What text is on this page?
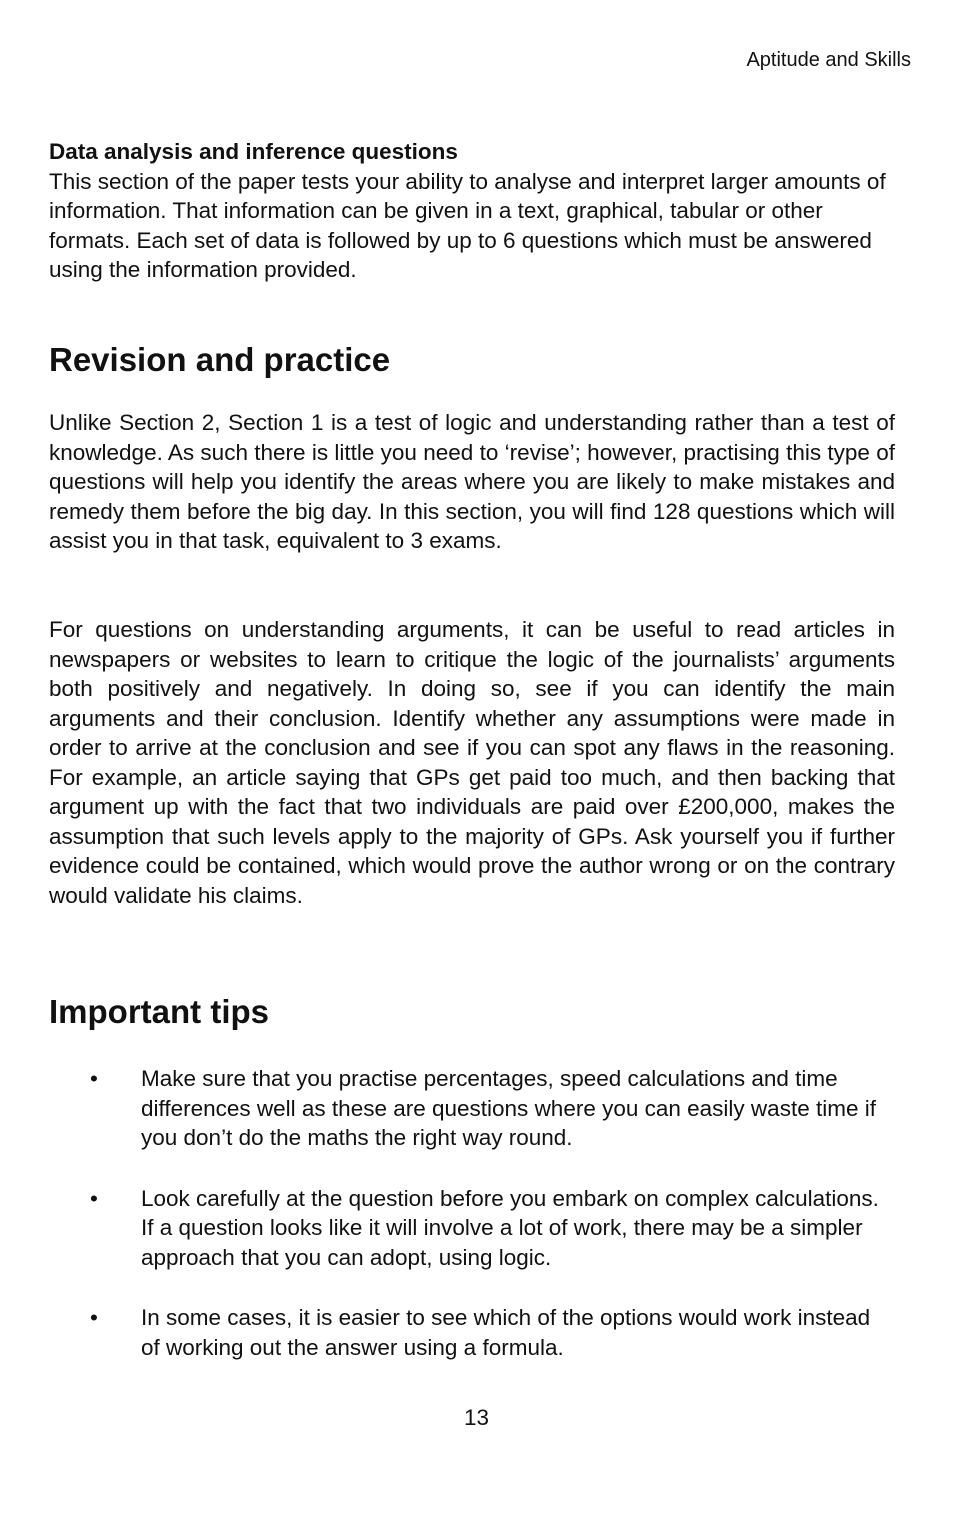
Aptitude and Skills

Data analysis and inference questions

This section of the paper tests your ability to analyse and interpret larger amounts of information. That information can be given in a text, graphical, tabular or other formats. Each set of data is followed by up to 6 questions which must be answered using the information provided.

Revision and practice

Unlike Section 2, Section 1 is a test of logic and understanding rather than a test of knowledge. As such there is little you need to ‘revise’; however, practising this type of questions will help you identify the areas where you are likely to make mistakes and remedy them before the big day. In this section, you will find 128 questions which will assist you in that task, equivalent to 3 exams.

For questions on understanding arguments, it can be useful to read articles in newspapers or websites to learn to critique the logic of the journalists’ arguments both positively and negatively. In doing so, see if you can identify the main arguments and their conclusion. Identify whether any assumptions were made in order to arrive at the conclusion and see if you can spot any flaws in the reasoning. For example, an article saying that GPs get paid too much, and then backing that argument up with the fact that two individuals are paid over £200,000, makes the assumption that such levels apply to the majority of GPs. Ask yourself you if further evidence could be contained, which would prove the author wrong or on the contrary would validate his claims.

Important tips
•	Make sure that you practise percentages, speed calculations and time differences well as these are questions where you can easily waste time if you don’t do the maths the right way round.
•	Look carefully at the question before you embark on complex calculations. If a question looks like it will involve a lot of work, there may be a simpler approach that you can adopt, using logic.
•	In some cases, it is easier to see which of the options would work instead of working out the answer using a formula.
13
